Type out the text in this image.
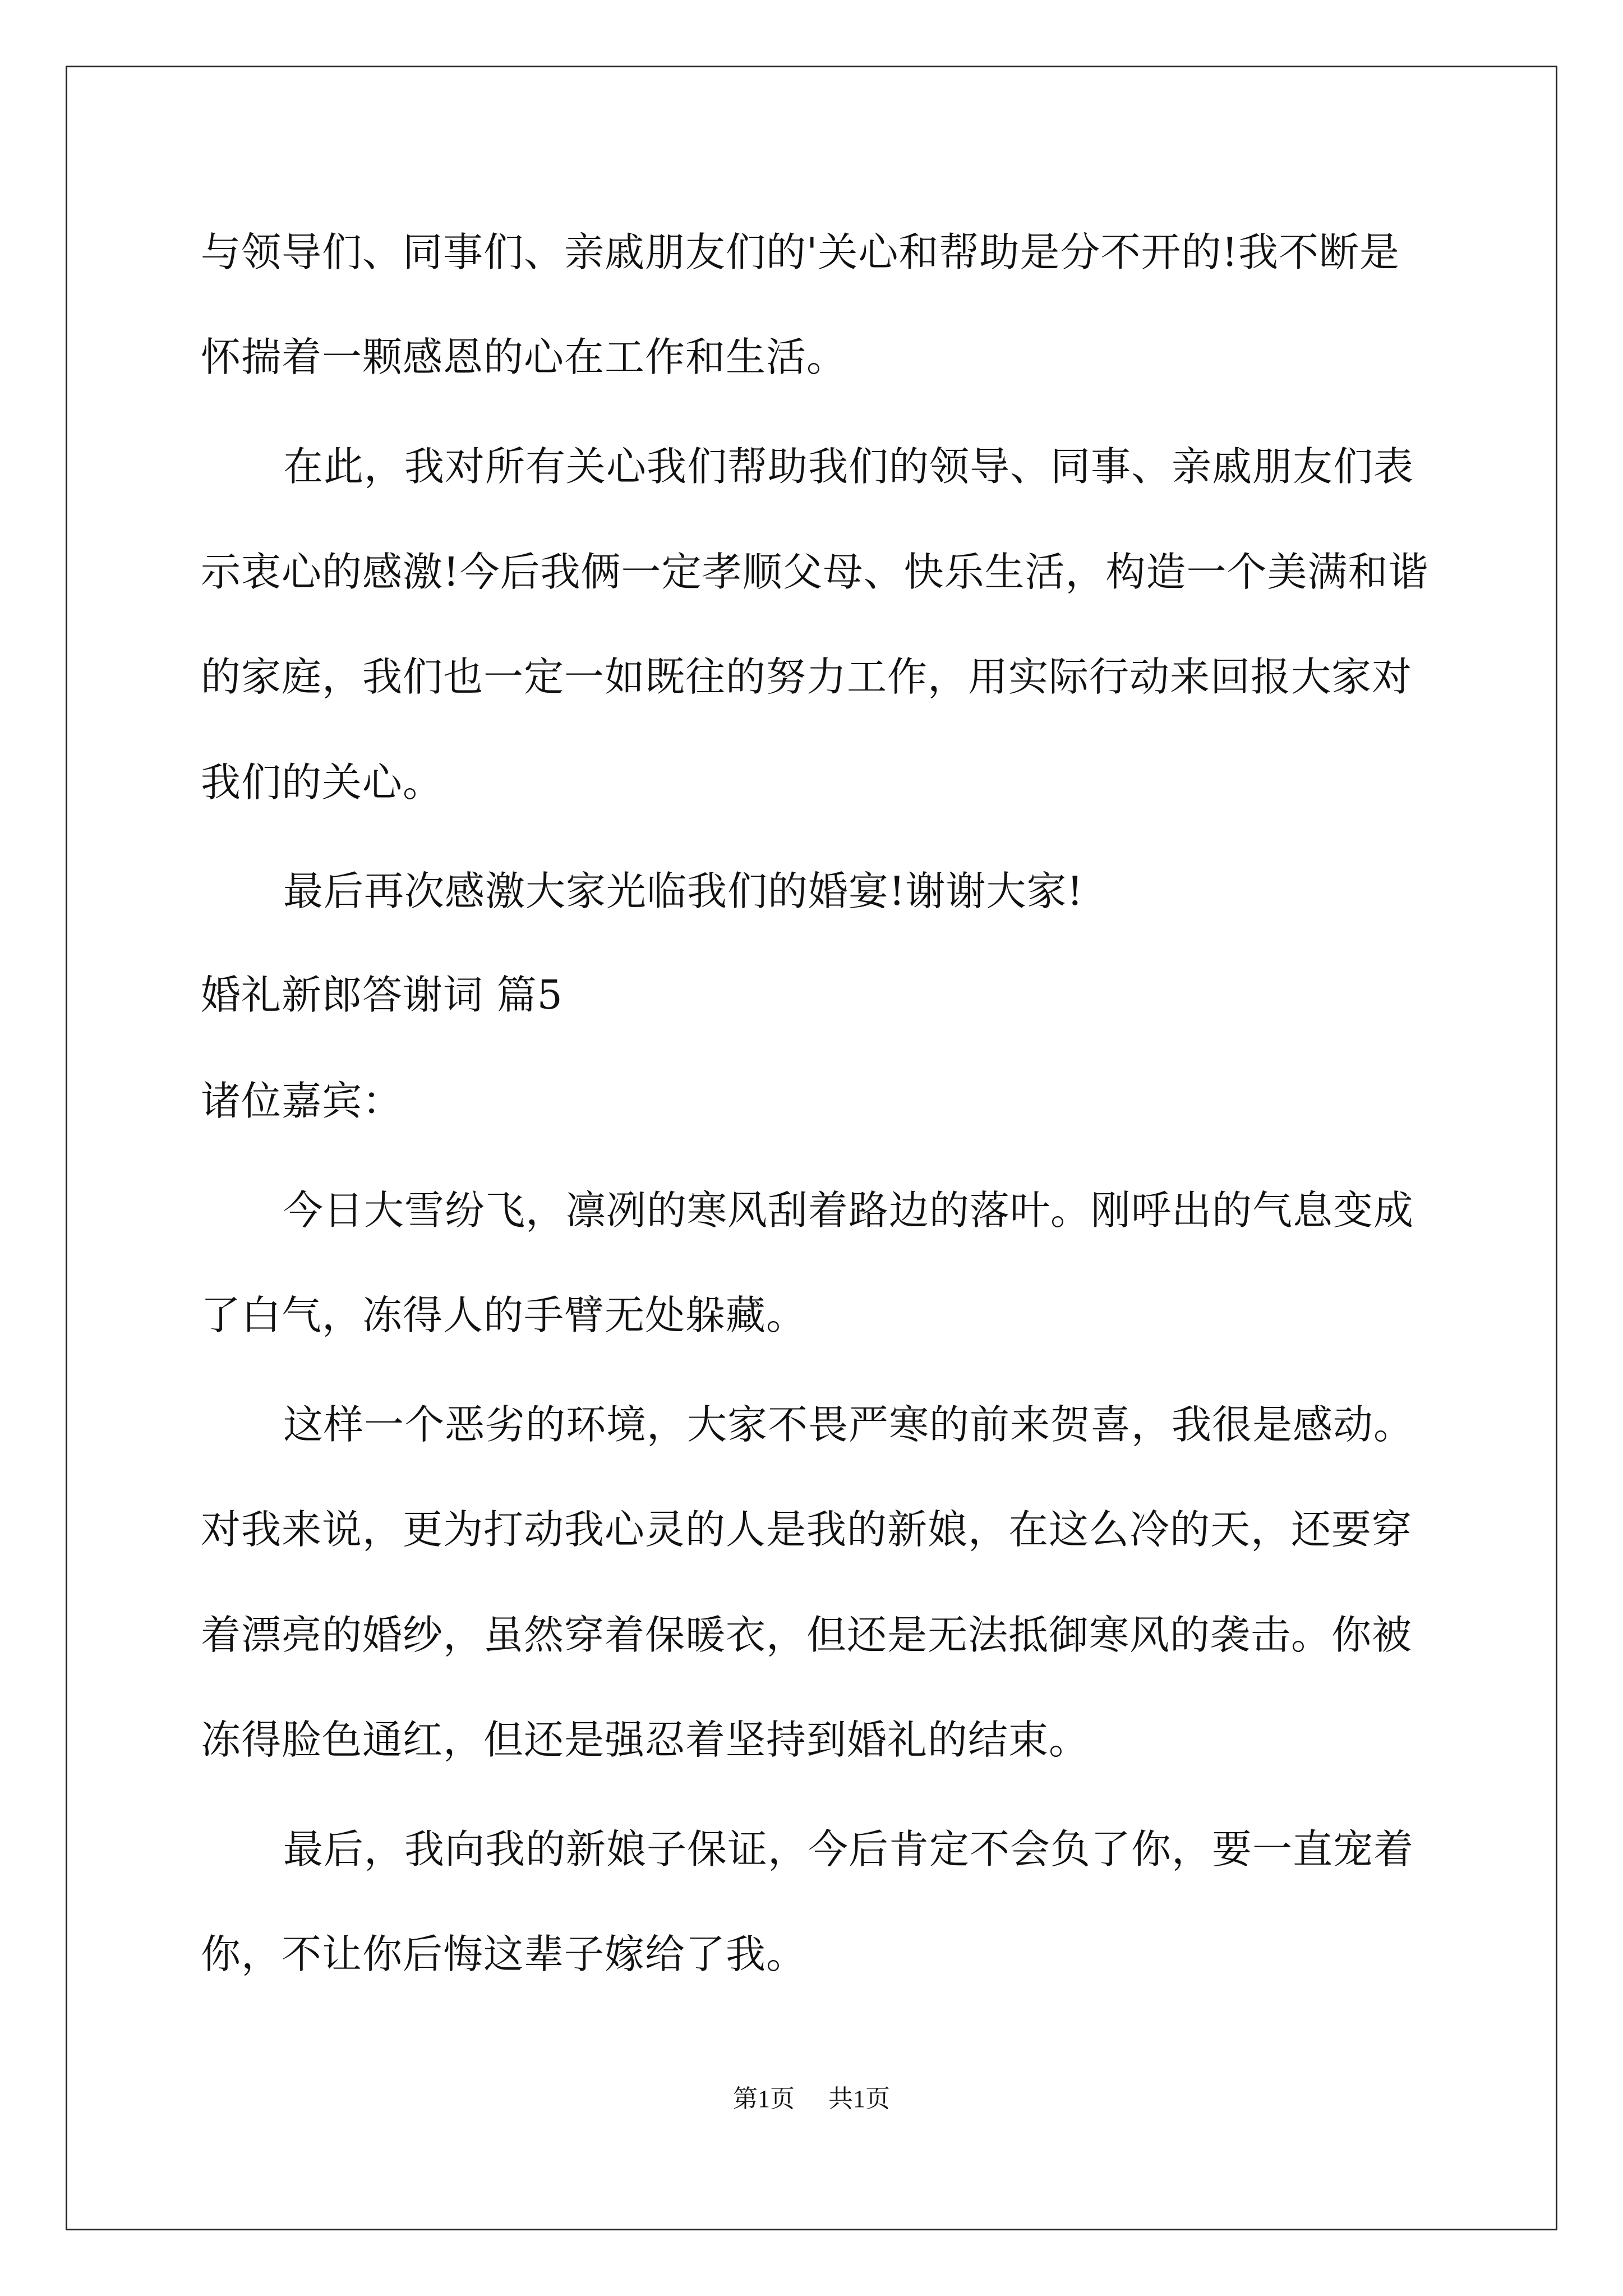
与领导们、同事们、亲戚朋友们的'关心和帮助是分不开的!我不断是

怀揣着一颗感恩的心在工作和生活。

在此，我对所有关心我们帮助我们的领导、同事、亲戚朋友们表

示衷心的感激!今后我俩一定孝顺父母、快乐生活，构造一个美满和谐

的家庭，我们也一定一如既往的努力工作，用实际行动来回报大家对

我们的关心。

最后再次感激大家光临我们的婚宴!谢谢大家!

婚礼新郎答谢词 篇5

诸位嘉宾：

今日大雪纷飞，凛冽的寒风刮着路边的落叶。刚呼出的气息变成

了白气，冻得人的手臂无处躲藏。

这样一个恶劣的环境，大家不畏严寒的前来贺喜，我很是感动。

对我来说，更为打动我心灵的人是我的新娘，在这么冷的天，还要穿

着漂亮的婚纱，虽然穿着保暖衣，但还是无法抵御寒风的袭击。你被

冻得脸色通红，但还是强忍着坚持到婚礼的结束。

最后，我向我的新娘子保证，今后肯定不会负了你，要一直宠着

你，不让你后悔这辈子嫁给了我。

第1页 共1页
